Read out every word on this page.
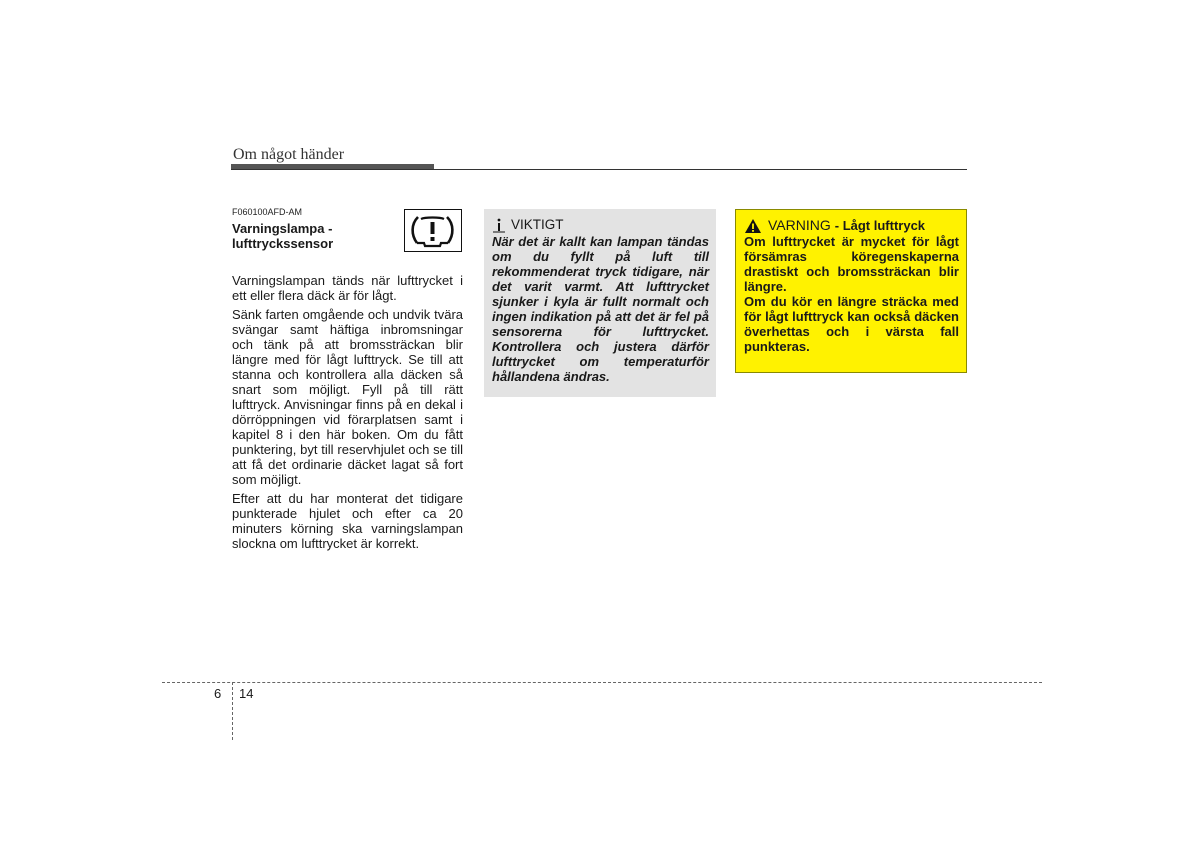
Om något händer
F060100AFD-AM
Varningslampa - lufttryckssensor

Varningslampan tänds när lufttrycket i ett eller flera däck är för lågt.

Sänk farten omgående och undvik tvära svängar samt häftiga inbromsningar och tänk på att bromssträckan blir längre med för lågt lufttryck. Se till att stanna och kontrollera alla däcken så snart som möjligt. Fyll på till rätt lufttryck. Anvisningar finns på en dekal i dörröppningen vid förarplatsen samt i kapitel 8 i den här boken. Om du fått punktering, byt till reservhjulet och se till att få det ordinarie däcket lagat så fort som möjligt.

Efter att du har monterat det tidigare punkterade hjulet och efter ca 20 minuters körning ska varningslampan slockna om lufttrycket är korrekt.

VIKTIGT
När det är kallt kan lampan tändas om du fyllt på luft till rekommenderat tryck tidigare, när det varit varmt. Att lufttrycket sjunker i kyla är fullt normalt och ingen indikation på att det är fel på sensorerna för lufttrycket. Kontrollera och justera därför lufttrycket om temperaturför hållandena ändras.
VARNING - Lågt lufttryck

Om lufttrycket är mycket för lågt försämras köregenskaperna drastiskt och bromssträckan blir längre.

Om du kör en längre sträcka med för lågt lufttryck kan också däcken överhettas och i värsta fall punkteras.

6 14
